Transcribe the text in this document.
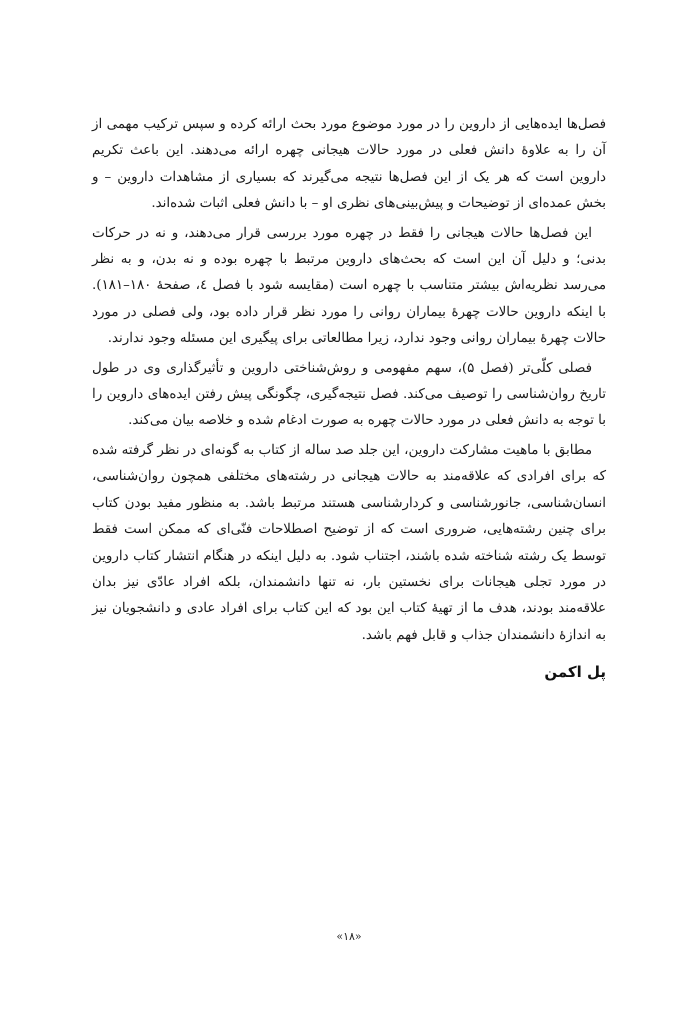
فصل‌ها ایده‌هایی از داروین را در مورد موضوع مورد بحث ارائه کرده و سپس ترکیب مهمی از آن را به علاوهٔ دانش فعلی در مورد حالات هیجانی چهره ارائه می‌دهند. این باعث تکریم داروین است که هر یک از این فصل‌ها نتیجه می‌گیرند که بسیاری از مشاهدات داروین – و بخش عمده‌ای از توضیحات و پیش‌بینی‌های نظری او – با دانش فعلی اثبات شده‌اند.

این فصل‌ها حالات هیجانی را فقط در چهره مورد بررسی قرار می‌دهند، و نه در حرکات بدنی؛ و دلیل آن این است که بحث‌های داروین مرتبط با چهره بوده و نه بدن، و به نظر می‌رسد نظریه‌اش بیشتر متناسب با چهره است (مقایسه شود با فصل ٤، صفحهٔ ۱۸۰–۱۸۱). با اینکه داروین حالات چهرهٔ بیماران روانی را مورد نظر قرار داده بود، ولی فصلی در مورد حالات چهرهٔ بیماران روانی وجود ندارد، زیرا مطالعاتی برای پیگیری این مسئله وجود ندارند.

فصلی کلّی‌تر (فصل ۵)، سهم مفهومی و روش‌شناختی داروین و تأثیرگذاری وی در طول تاریخ روان‌شناسی را توصیف می‌کند. فصل نتیجه‌گیری، چگونگی پیش رفتن ایده‌های داروین را با توجه به دانش فعلی در مورد حالات چهره به صورت ادغام شده و خلاصه بیان می‌کند.

مطابق با ماهیت مشارکت داروین، این جلد صد ساله از کتاب به گونه‌ای در نظر گرفته شده که برای افرادی که علاقه‌مند به حالات هیجانی در رشته‌های مختلفی همچون روان‌شناسی، انسان‌شناسی، جانورشناسی و کردارشناسی هستند مرتبط باشد. به منظور مفید بودن کتاب برای چنین رشته‌هایی، ضروری است که از توضیح اصطلاحات فنّی‌ای که ممکن است فقط توسط یک رشته شناخته شده باشند، اجتناب شود. به دلیل اینکه در هنگام انتشار کتاب داروین در مورد تجلی هیجانات برای نخستین بار، نه تنها دانشمندان، بلکه افراد عادّی نیز بدان علاقه‌مند بودند، هدف ما از تهیهٔ کتاب این بود که این کتاب برای افراد عادی و دانشجویان نیز به اندازهٔ دانشمندان جذاب و قابل فهم باشد.

پل اکمن
«۱۸»
